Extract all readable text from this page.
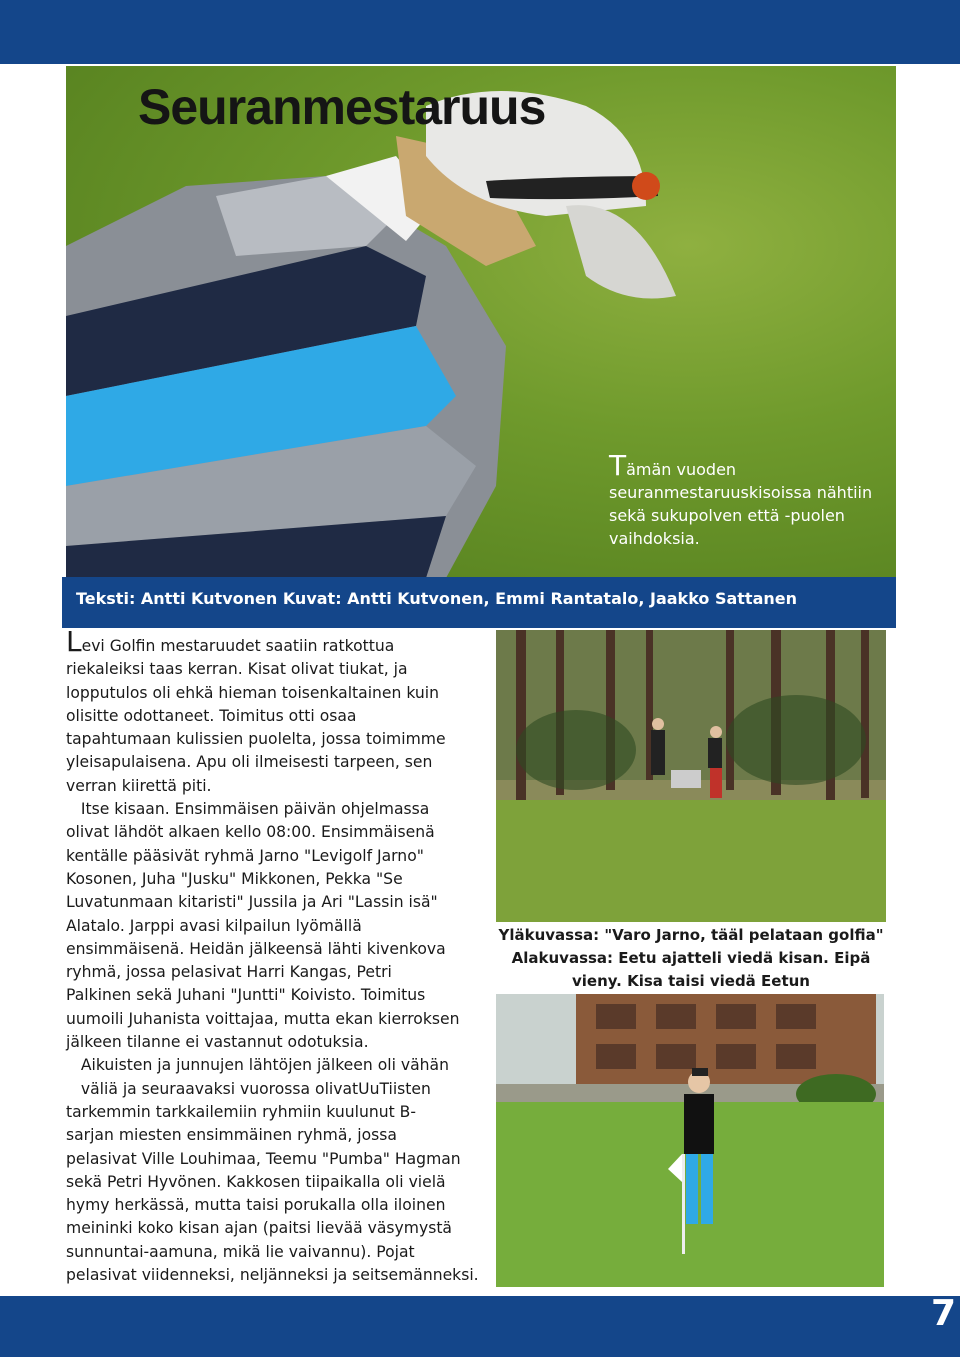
Seuranmestaruus
Tämän vuoden
seuranmestaruuskisoissa nähtiin
sekä sukupolven että -puolen
vaihdoksia.
Teksti: Antti Kutvonen Kuvat: Antti Kutvonen, Emmi Rantatalo, Jaakko Sattanen
Levi Golfin mestaruudet saatiin ratkottua
riekaleiksi taas kerran. Kisat olivat tiukat, ja
lopputulos oli ehkä hieman toisenkaltainen kuin
olisitte odottaneet. Toimitus otti osaa
tapahtumaan kulissien puolelta, jossa toimimme
yleisapulaisena. Apu oli ilmeisesti tarpeen, sen
verran kiirettä piti.
Itse kisaan. Ensimmäisen päivän ohjelmassa
olivat lähdöt alkaen kello 08:00. Ensimmäisenä
kentälle pääsivät ryhmä Jarno "Levigolf Jarno"
Kosonen, Juha "Jusku" Mikkonen, Pekka "Se
Luvatunmaan kitaristi" Jussila ja Ari "Lassin isä"
Alatalo. Jarppi avasi kilpailun lyömällä
ensimmäisenä. Heidän jälkeensä lähti kivenkova
ryhmä, jossa pelasivat Harri Kangas, Petri
Palkinen sekä Juhani "Juntti" Koivisto. Toimitus
uumoili Juhanista voittajaa, mutta ekan kierroksen
jälkeen tilanne ei vastannut odotuksia.
Aikuisten ja junnujen lähtöjen jälkeen oli vähän
väliä ja seuraavaksi vuorossa olivatUuTiisten
tarkemmin tarkkailemiin ryhmiin kuulunut B-
sarjan miesten ensimmäinen ryhmä, jossa
pelasivat Ville Louhimaa, Teemu "Pumba" Hagman
sekä Petri Hyvönen. Kakkosen tiipaikalla oli vielä
hymy herkässä, mutta taisi porukalla olla iloinen
meininki koko kisan ajan (paitsi lievää väsymystä
sunnuntai-aamuna, mikä lie vaivannu). Pojat
pelasivat viidenneksi, neljänneksi ja seitsemänneksi.
Yläkuvassa: "Varo Jarno, tääl pelataan golfia"
Alakuvassa: Eetu ajatteli viedä kisan. Eipä
vieny. Kisa taisi viedä Eetun
7
